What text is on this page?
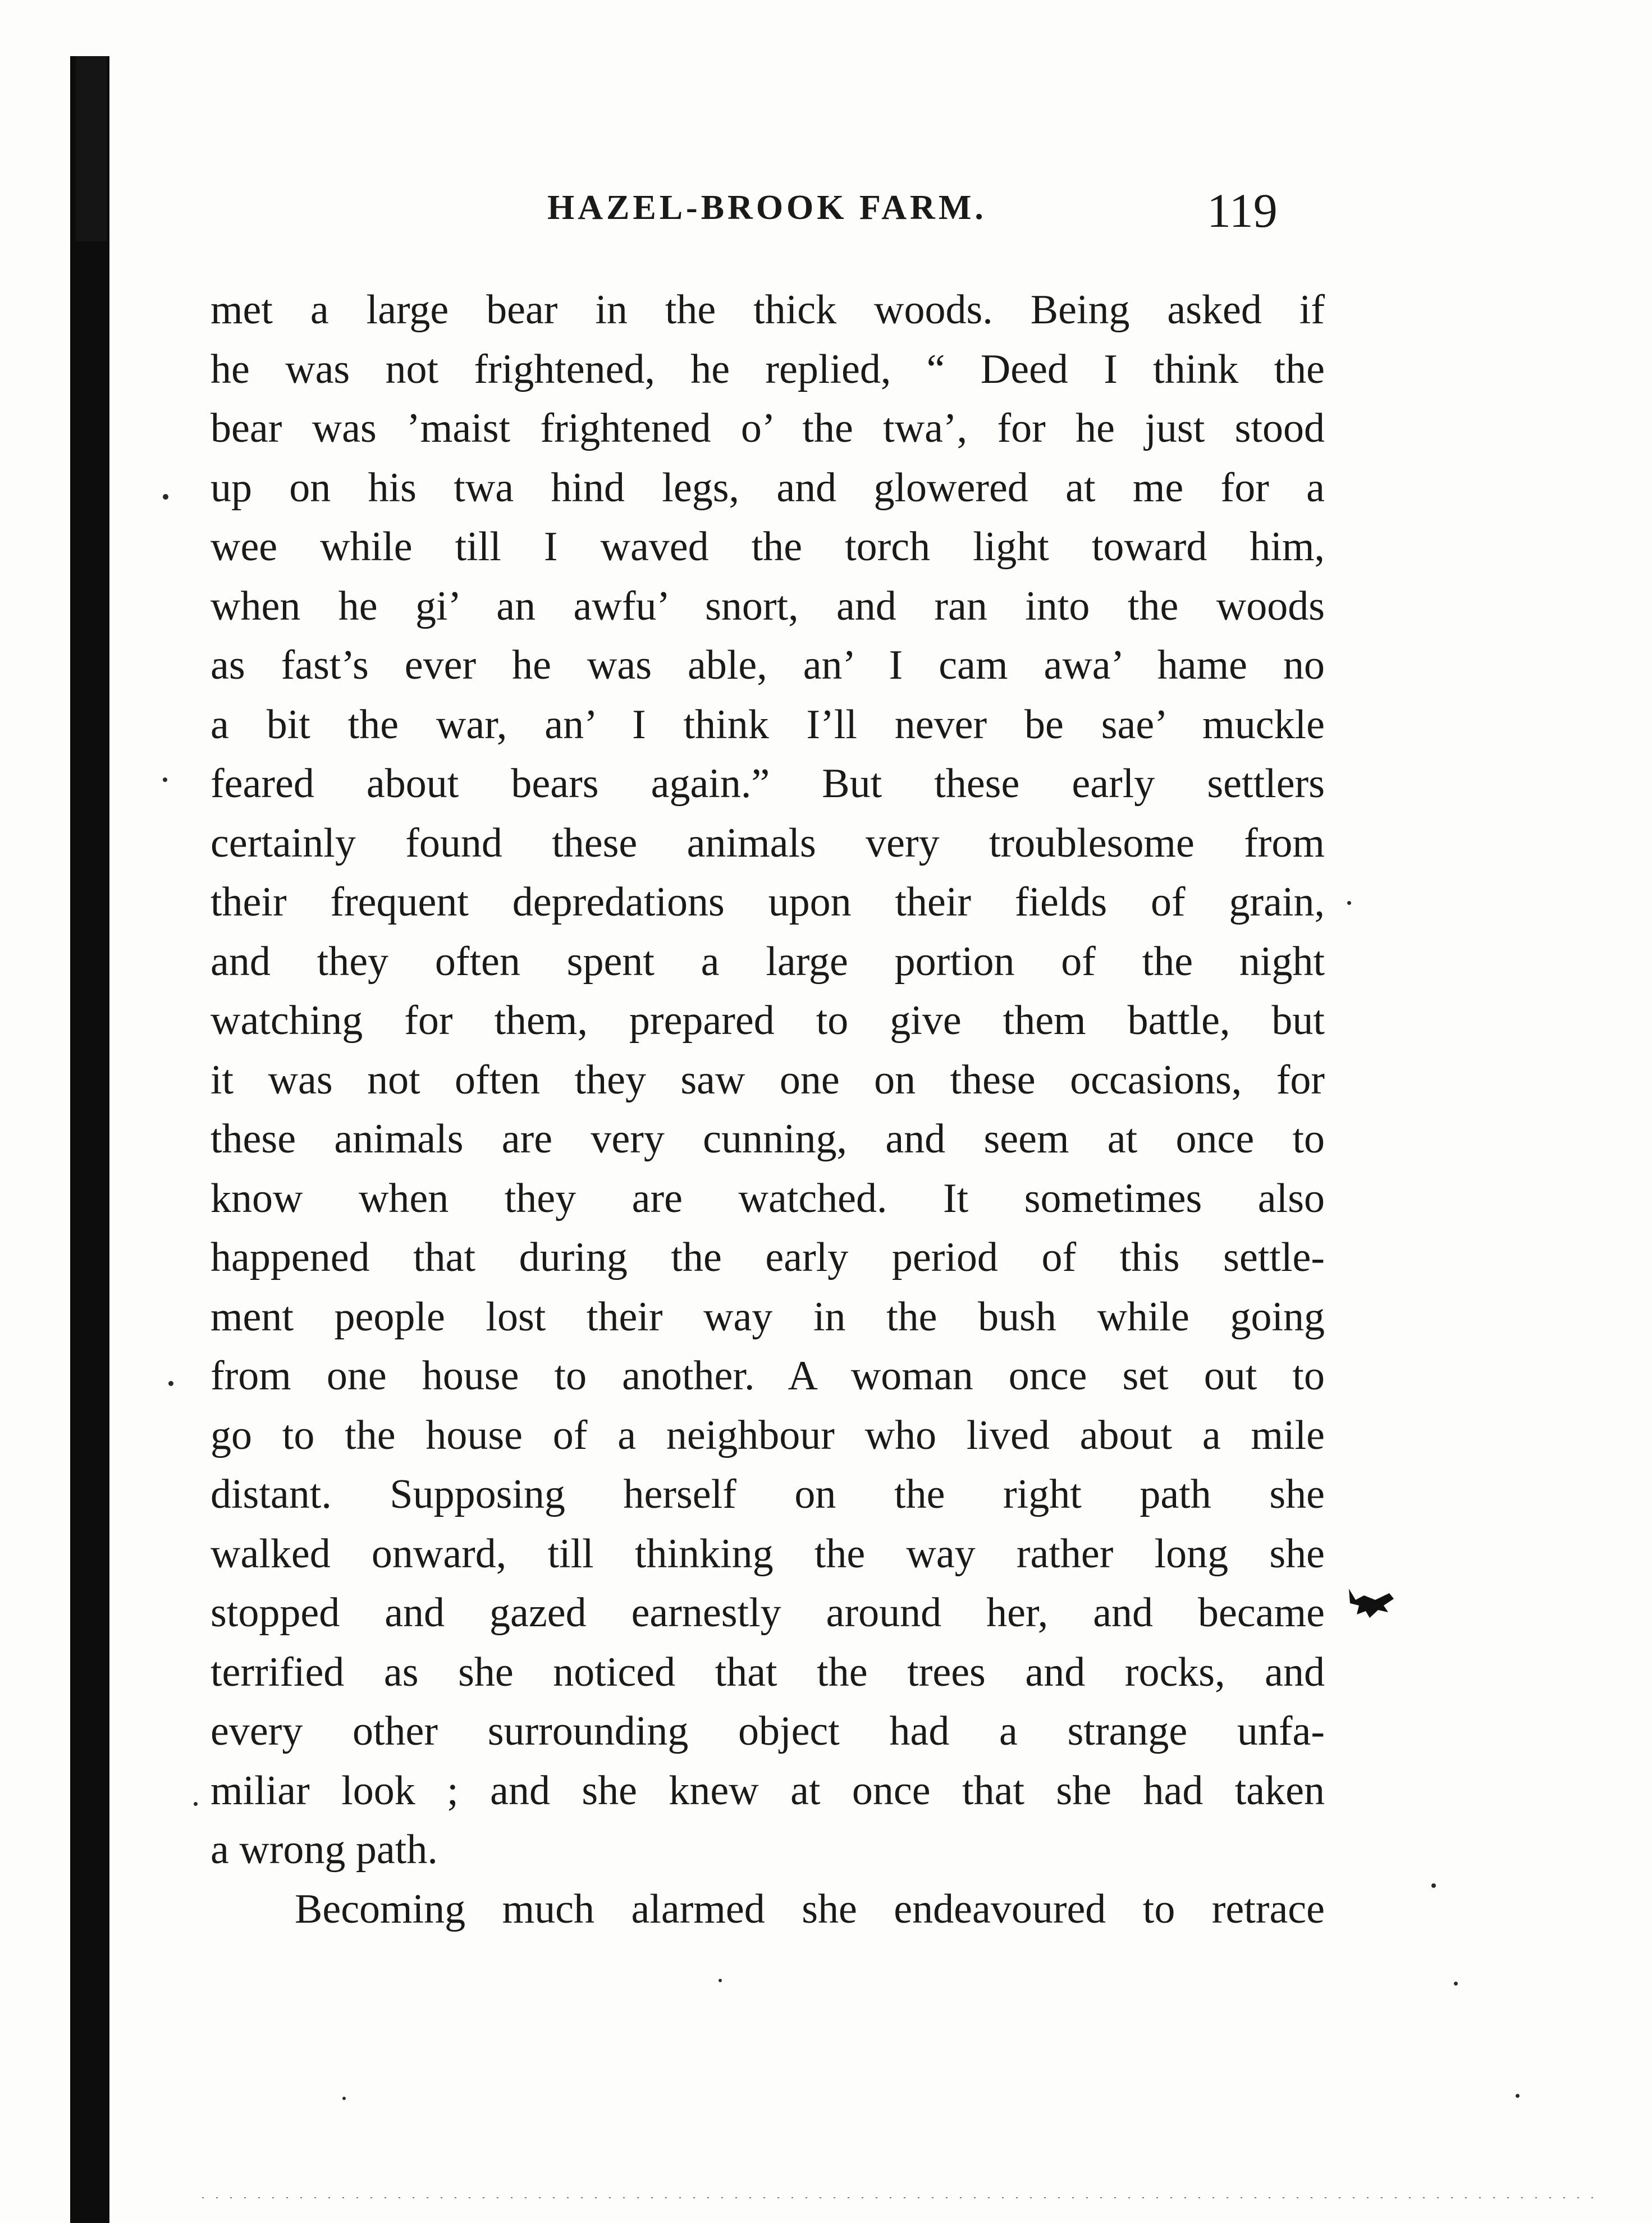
HAZEL-BROOK FARM.	119
met a large bear in the thick woods. Being asked if
he was not frightened, he replied, “ Deed I think the
bear was ’maist frightened o’ the twa’, for he just stood
up on his twa hind legs, and glowered at me for a
wee while till I waved the torch light toward him,
when he gi’ an awfu’ snort, and ran into the woods
as fast’s ever he was able, an’ I cam awa’ hame no
a bit the war, an’ I think I’ll never be sae’ muckle
feared about bears again.” But these early settlers
certainly found these animals very troublesome from
their frequent depredations upon their fields of grain,
and they often spent a large portion of the night
watching for them, prepared to give them battle, but
it was not often they saw one on these occasions, for
these animals are very cunning, and seem at once to
know when they are watched. It sometimes also
happened that during the early period of this settle-
ment people lost their way in the bush while going
from one house to another. A woman once set out to
go to the house of a neighbour who lived about a mile
distant. Supposing herself on the right path she
walked onward, till thinking the way rather long she
stopped and gazed earnestly around her, and became
terrified as she noticed that the trees and rocks, and
every other surrounding object had a strange unfa-
miliar look ; and she knew at once that she had taken
a wrong path.
Becoming much alarmed she endeavoured to retrace
